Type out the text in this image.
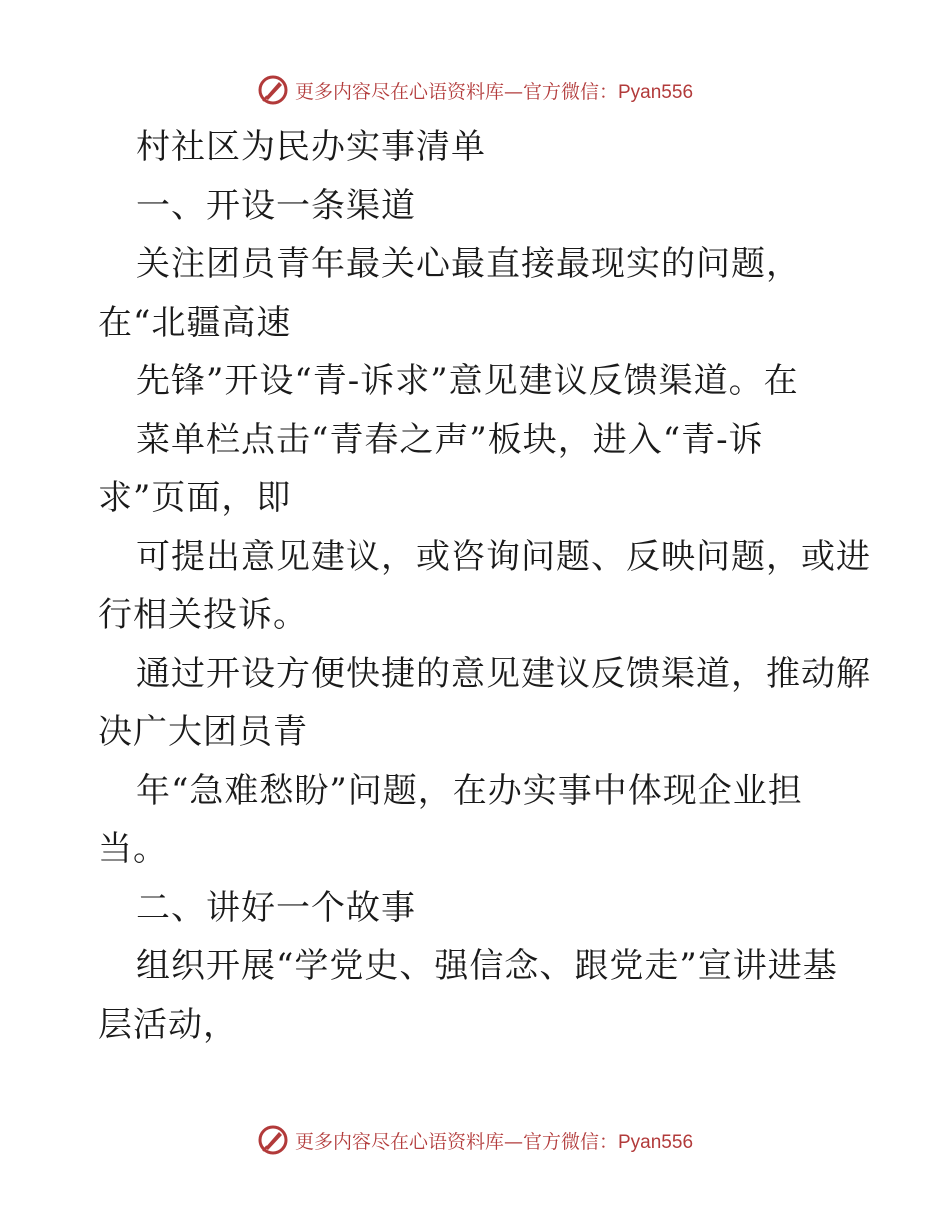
更多内容尽在心语资料库—官方微信：Pyan556
村社区为民办实事清单
一、开设一条渠道
关注团员青年最关心最直接最现实的问题，
在“北疆高速
先锋”开设“青-诉求”意见建议反馈渠道。在
菜单栏点击“青春之声”板块，进入“青-诉
求”页面，即
可提出意见建议，或咨询问题、反映问题，或进
行相关投诉。
通过开设方便快捷的意见建议反馈渠道，推动解
决广大团员青
年“急难愁盼”问题，在办实事中体现企业担
当。
二、讲好一个故事
组织开展“学党史、强信念、跟党走”宣讲进基
层活动，
更多内容尽在心语资料库—官方微信：Pyan556
